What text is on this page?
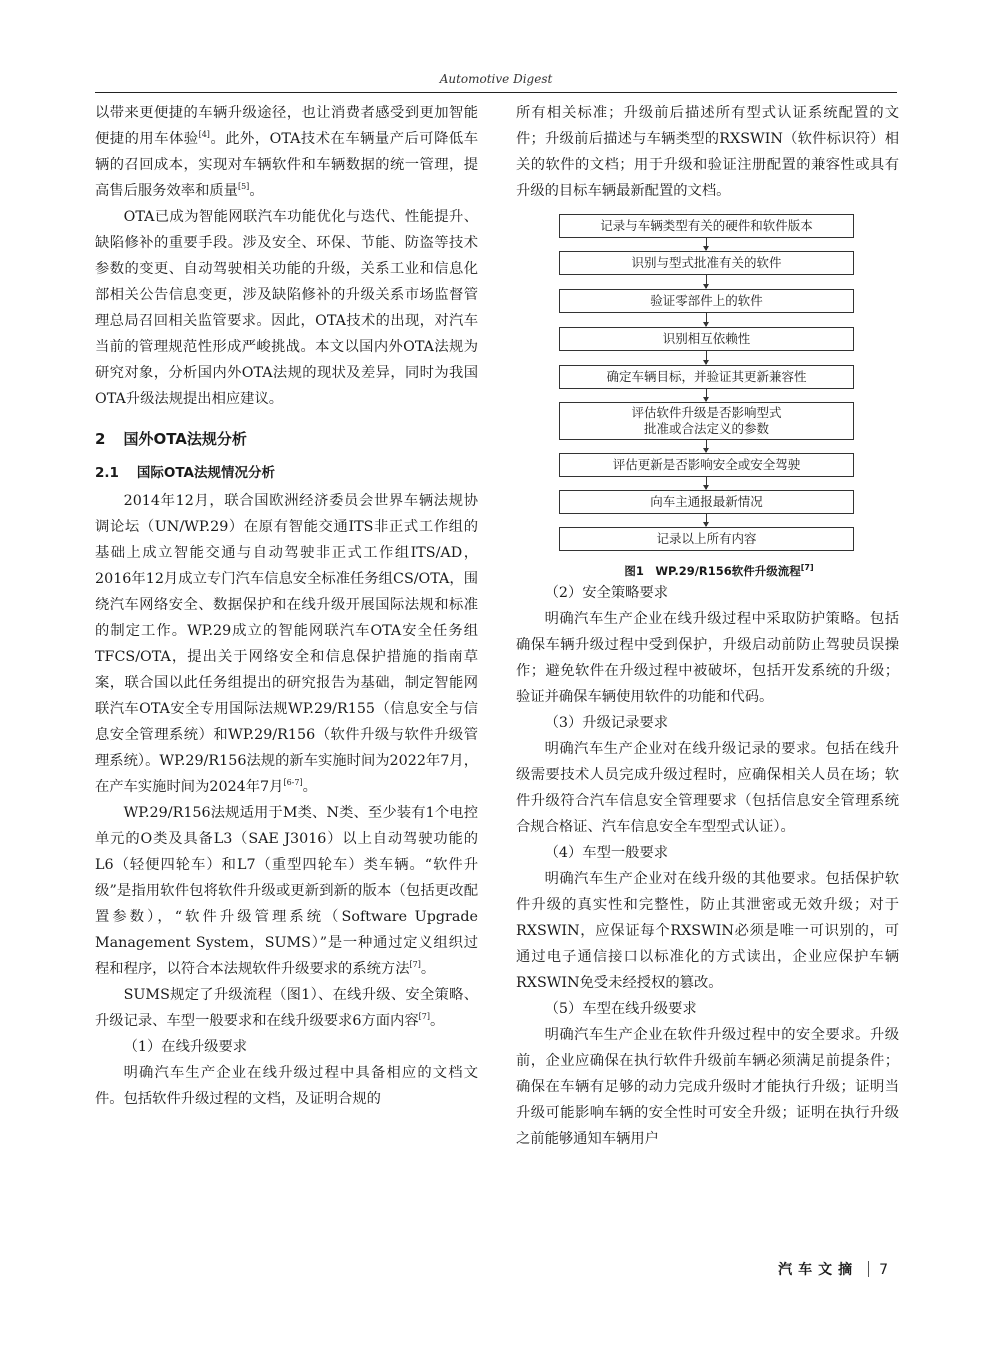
Automotive Digest

以带来更便捷的车辆升级途径，也让消费者感受到更加智能便捷的用车体验[4]。此外，OTA技术在车辆量产后可降低车辆的召回成本，实现对车辆软件和车辆数据的统一管理，提高售后服务效率和质量[5]。

OTA已成为智能网联汽车功能优化与迭代、性能提升、缺陷修补的重要手段。涉及安全、环保、节能、防盗等技术参数的变更、自动驾驶相关功能的升级，关系工业和信息化部相关公告信息变更，涉及缺陷修补的升级关系市场监督管理总局召回相关监管要求。因此，OTA技术的出现，对汽车当前的管理规范性形成严峻挑战。本文以国内外OTA法规为研究对象，分析国内外OTA法规的现状及差异，同时为我国OTA升级法规提出相应建议。

2 国外OTA法规分析
2.1 国际OTA法规情况分析

2014年12月，联合国欧洲经济委员会世界车辆法规协调论坛（UN/WP.29）在原有智能交通ITS非正式工作组的基础上成立智能交通与自动驾驶非正式工作组ITS/AD，2016年12月成立专门汽车信息安全标准任务组CS/OTA，围绕汽车网络安全、数据保护和在线升级开展国际法规和标准的制定工作。WP.29成立的智能网联汽车OTA安全任务组TFCS/OTA，提出关于网络安全和信息保护措施的指南草案，联合国以此任务组提出的研究报告为基础，制定智能网联汽车OTA安全专用国际法规WP.29/R155（信息安全与信息安全管理系统）和WP.29/R156（软件升级与软件升级管理系统）。WP.29/R156法规的新车实施时间为2022年7月，在产车实施时间为2024年7月[6-7]。

WP.29/R156法规适用于M类、N类、至少装有1个电控单元的O类及具备L3（SAE J3016）以上自动驾驶功能的L6（轻便四轮车）和L7（重型四轮车）类车辆。“软件升级”是指用软件包将软件升级或更新到新的版本（包括更改配置参数），“软件升级管理系统（Software Upgrade Management System，SUMS）”是一种通过定义组织过程和程序，以符合本法规软件升级要求的系统方法[7]。

SUMS规定了升级流程（图1）、在线升级、安全策略、升级记录、车型一般要求和在线升级要求6方面内容[7]。

（1）在线升级要求

明确汽车生产企业在线升级过程中具备相应的文档文件。包括软件升级过程的文档，及证明合规的

所有相关标准；升级前后描述所有型式认证系统配置的文件；升级前后描述与车辆类型的RXSWIN（软件标识符）相关的软件的文档；用于升级和验证注册配置的兼容性或具有升级的目标车辆最新配置的文档。

记录与车辆类型有关的硬件和软件版本
识别与型式批准有关的软件
验证零部件上的软件
识别相互依赖性
确定车辆目标，并验证其更新兼容性
评估软件升级是否影响型式批准或合法定义的参数
评估更新是否影响安全或安全驾驶
向车主通报最新情况
记录以上所有内容

图1　WP.29/R156软件升级流程[7]

（2）安全策略要求

明确汽车生产企业在线升级过程中采取防护策略。包括确保车辆升级过程中受到保护，升级启动前防止驾驶员误操作；避免软件在升级过程中被破坏，包括开发系统的升级；验证并确保车辆使用软件的功能和代码。

（3）升级记录要求

明确汽车生产企业对在线升级记录的要求。包括在线升级需要技术人员完成升级过程时，应确保相关人员在场；软件升级符合汽车信息安全管理要求（包括信息安全管理系统合规合格证、汽车信息安全车型型式认证）。

（4）车型一般要求

明确汽车生产企业对在线升级的其他要求。包括保护软件升级的真实性和完整性，防止其泄密或无效升级；对于RXSWIN，应保证每个RXSWIN必须是唯一可识别的，可通过电子通信接口以标准化的方式读出，企业应保护车辆RXSWIN免受未经授权的篡改。

（5）车型在线升级要求

明确汽车生产企业在软件升级过程中的安全要求。升级前，企业应确保在执行软件升级前车辆必须满足前提条件；确保在车辆有足够的动力完成升级时才能执行升级；证明当升级可能影响车辆的安全性时可安全升级；证明在执行升级之前能够通知车辆用户

汽车文摘 7
